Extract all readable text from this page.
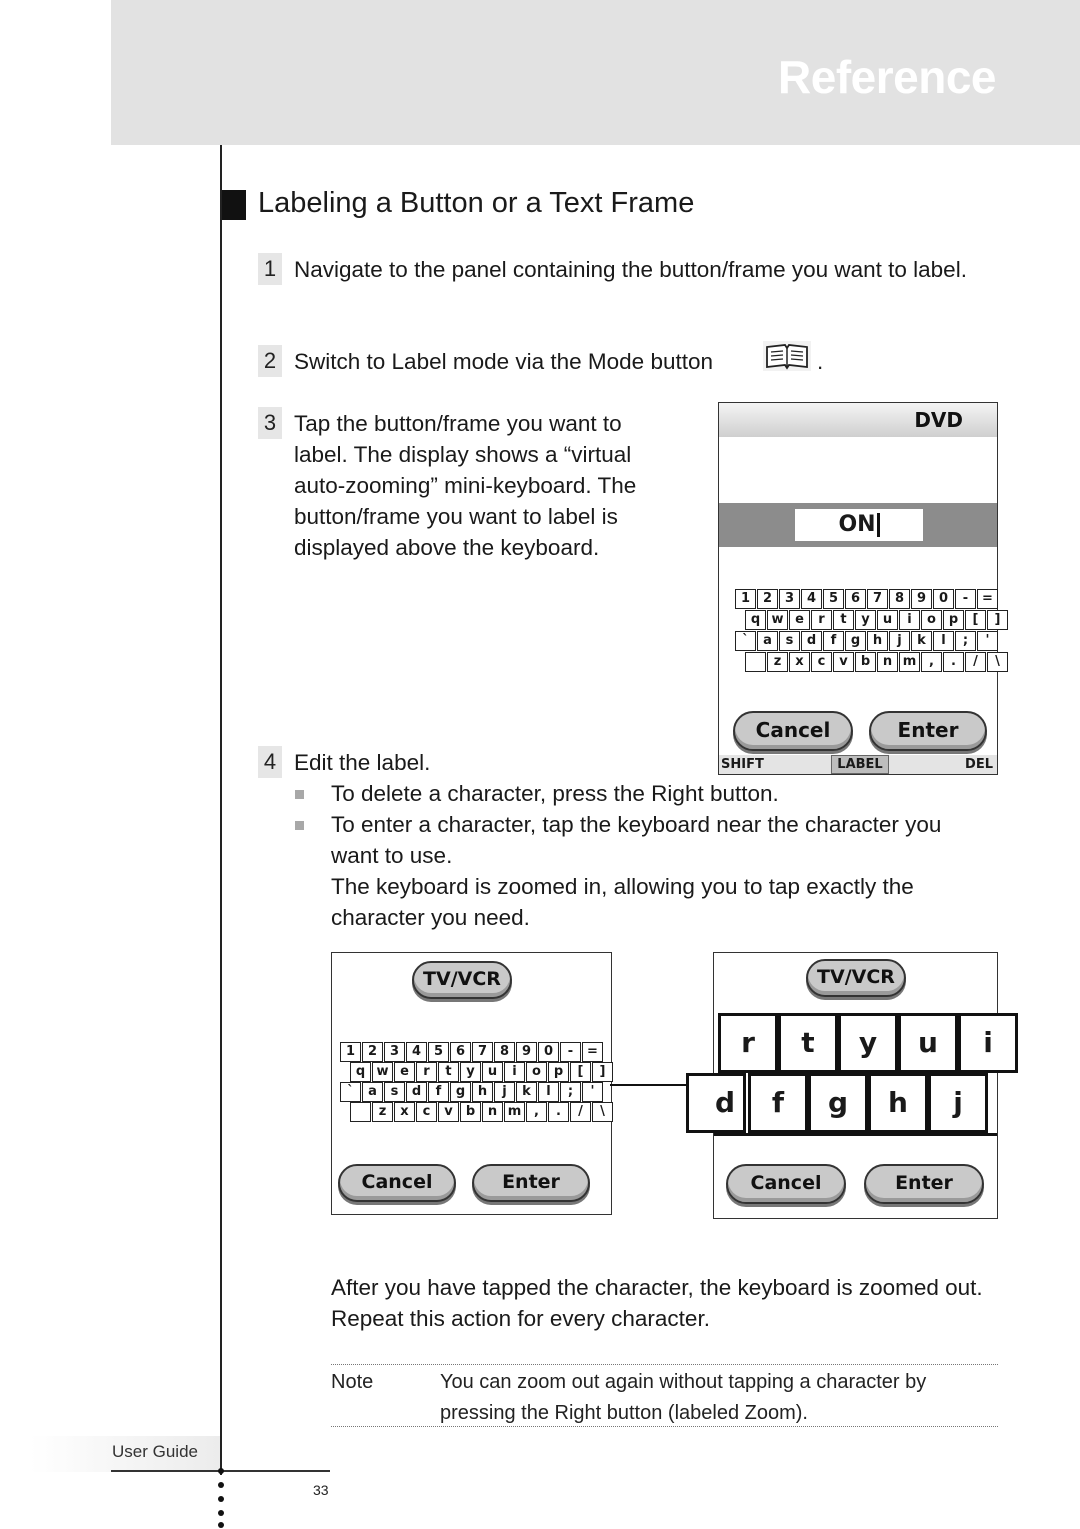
Reference
Labeling a Button or a Text Frame
1 Navigate to the panel containing the button/frame you want to label.
2 Switch to Label mode via the Mode button	.
3 Tap the button/frame you want to
label. The display shows a “virtual
auto-zooming” mini-keyboard. The
button/frame you want to label is
displayed above the keyboard.
DVD
ON
1 2 3 4 5 6 7 8 9 0	-	=
q w e	r	t	y	u	i	o p	[	]
`	a	s	d	f	g h	j	k	l	;	'
z	x	c	v	b n m ,	.	/	\
Cancel	Enter
SHIFT	LABEL	DEL
4 Edit the label.
To delete a character, press the Right button.
To enter a character, tap the keyboard near the character you want to use.
The keyboard is zoomed in, allowing you to tap exactly the character you need.
TV/VCR
1 2 3 4 5 6 7 8 9 0	-	=
q w e	r	t	y	u	i	o p	[	]
`	a	s	d	f	g h	j	k	l	;	'
z	x	c	v	b n m ,	.	/	\
Cancel	Enter
TV/VCR
r	t	y	u	i
d	f	g	h	j
Cancel	Enter
After you have tapped the character, the keyboard is zoomed out. Repeat this action for every character.
Note	You can zoom out again without tapping a character by pressing the Right button (labeled Zoom).
User Guide
33
